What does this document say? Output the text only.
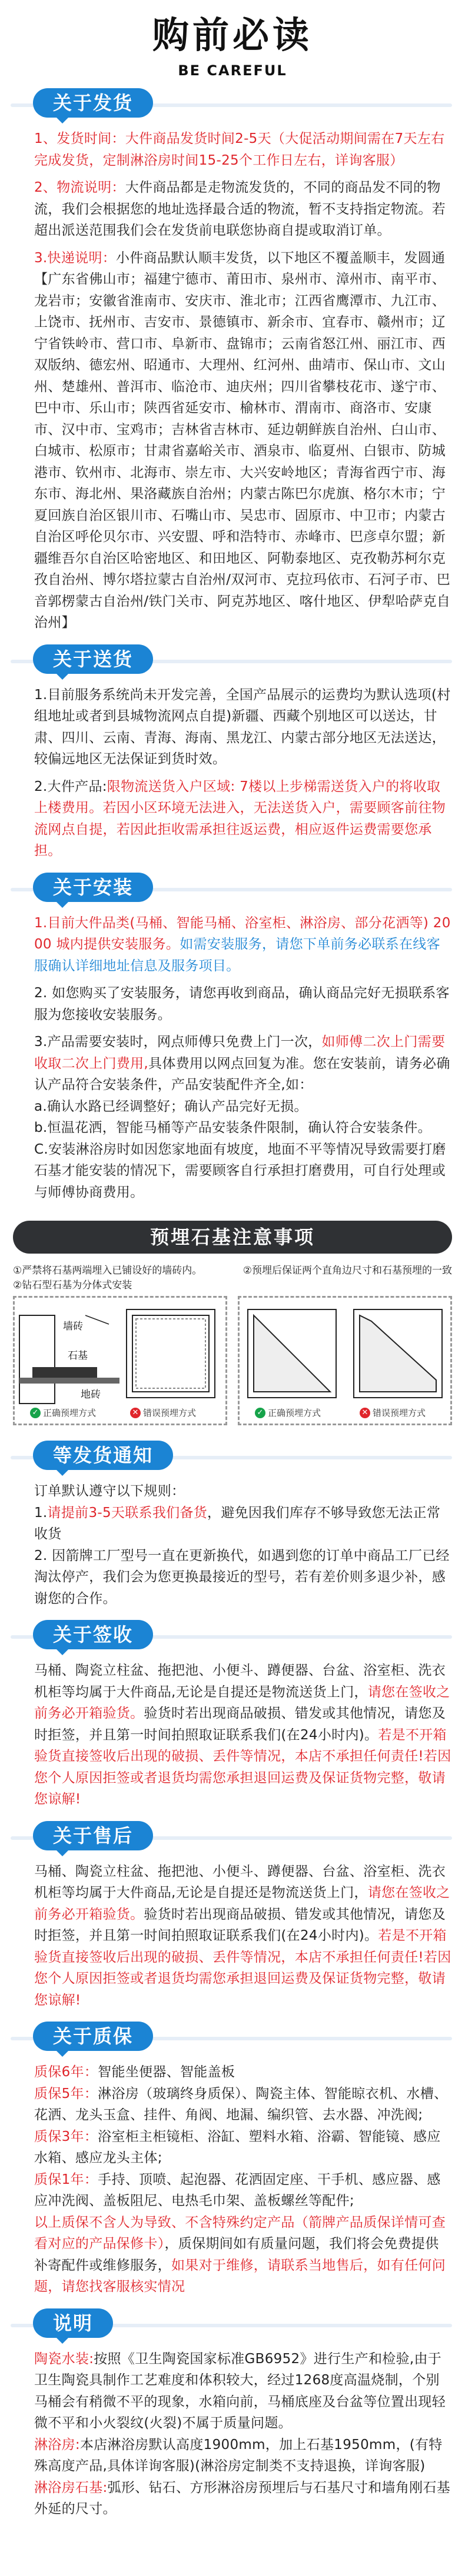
购前必读
BE CAREFUL
关于发货

1、发货时间：大件商品发货时间2-5天（大促活动期间需在7天左右完成发货，定制淋浴房时间15-25个工作日左右，详询客服）

2、物流说明：大件商品都是走物流发货的，不同的商品发不同的物流，我们会根据您的地址选择最合适的物流，暂不支持指定物流。若超出派送范围我们会在发货前电联您协商自提或取消订单。

3.快递说明：小件商品默认顺丰发货，以下地区不覆盖顺丰，发圆通【广东省佛山市；福建宁德市、莆田市、泉州市、漳州市、南平市、龙岩市；安徽省淮南市、安庆市、淮北市；江西省鹰潭市、九江市、上饶市、抚州市、吉安市、景德镇市、新余市、宜春市、赣州市；辽宁省铁岭市、营口市、阜新市、盘锦市；云南省怒江州、丽江市、西双版纳、德宏州、昭通市、大理州、红河州、曲靖市、保山市、文山州、楚雄州、普洱市、临沧市、迪庆州；四川省攀枝花市、遂宁市、巴中市、乐山市；陕西省延安市、榆林市、渭南市、商洛市、安康市、汉中市、宝鸡市；吉林省吉林市、延边朝鲜族自治州、白山市、白城市、松原市；甘肃省嘉峪关市、酒泉市、临夏州、白银市、防城港市、钦州市、北海市、崇左市、大兴安岭地区；青海省西宁市、海东市、海北州、果洛藏族自治州；内蒙古陈巴尔虎旗、格尔木市；宁夏回族自治区银川市、石嘴山市、吴忠市、固原市、中卫市；内蒙古自治区呼伦贝尔市、兴安盟、呼和浩特市、赤峰市、巴彦卓尔盟；新疆维吾尔自治区哈密地区、和田地区、阿勒泰地区、克孜勒苏柯尔克孜自治州、博尔塔拉蒙古自治州/双河市、克拉玛依市、石河子市、巴音郭楞蒙古自治州/铁门关市、阿克苏地区、喀什地区、伊犁哈萨克自治州】

关于送货

1.目前服务系统尚未开发完善，全国产品展示的运费均为默认选项(村组地址或者到县城物流网点自提)新疆、西藏个别地区可以送达，甘肃、四川、云南、青海、海南、黑龙江、内蒙古部分地区无法送达，较偏远地区无法保证到货时效。

2.大件产品:限物流送货入户区域: 7楼以上步梯需送货入户的将收取上楼费用。若因小区环境无法进入，无法送货入户，需要顾客前往物流网点自提，若因此拒收需承担往返运费，相应返件运费需要您承担。

关于安装

1.目前大件品类(马桶、智能马桶、浴室柜、淋浴房、部分花洒等) 2000 城内提供安装服务。如需安装服务，请您下单前务必联系在线客服确认详细地址信息及服务项目。

2. 如您购买了安装服务，请您再收到商品，确认商品完好无损联系客服为您接收安装服务。

3.产品需要安装时，网点师傅只免费上门一次，如师傅二次上门需要收取二次上门费用,具体费用以网点回复为准。您在安装前，请务必确认产品符合安装条件，产品安装配件齐全,如：

a.确认水路已经调整好；确认产品完好无损。

b.恒温花洒，智能马桶等产品安装条件限制，确认符合安装条件。

C.安装淋浴房时如因您家地面有坡度，地面不平等情况导致需要打磨石基才能安装的情况下，需要顾客自行承担打磨费用，可自行处理或与师傅协商费用。

预埋石基注意事项
①严禁将石基两端埋入已铺设好的墙砖内。
②钻石型石基为分体式安装
②预埋后保证两个直角边尺寸和石基预埋的一致
墙砖
石基
地砖
✓ 正确预埋方式	✕ 错误预埋方式	✓ 正确预埋方式	✕ 错误预埋方式
等发货通知

订单默认遵守以下规则：

1.请提前3-5天联系我们备货，避免因我们库存不够导致您无法正常收货

2. 因箭牌工厂型号一直在更新换代，如遇到您的订单中商品工厂已经淘汰停产，我们会为您更换最接近的型号，若有差价则多退少补，感谢您的合作。

关于签收

马桶、陶瓷立柱盆、拖把池、小便斗、蹲便器、台盆、浴室柜、洗衣机柜等均属于大件商品,无论是自提还是物流送货上门，请您在签收之前务必开箱验货。验货时若出现商品破损、错发或其他情况，请您及时拒签，并且第一时间拍照取证联系我们(在24小时内)。若是不开箱验货直接签收后出现的破损、丢件等情况，本店不承担任何责任!若因您个人原因拒签或者退货均需您承担退回运费及保证货物完整，敬请您谅解!

关于售后

马桶、陶瓷立柱盆、拖把池、小便斗、蹲便器、台盆、浴室柜、洗衣机柜等均属于大件商品,无论是自提还是物流送货上门，请您在签收之前务必开箱验货。验货时若出现商品破损、错发或其他情况，请您及时拒签，并且第一时间拍照取证联系我们(在24小时内)。若是不开箱验货直接签收后出现的破损、丢件等情况，本店不承担任何责任!若因您个人原因拒签或者退货均需您承担退回运费及保证货物完整，敬请您谅解!

关于质保

质保6年：智能坐便器、智能盖板

质保5年：淋浴房（玻璃终身质保）、陶瓷主体、智能晾衣机、水槽、花洒、龙头玉盒、挂件、角阀、地漏、编织管、去水器、冲洗阀;

质保3年：浴室柜主柜镜柜、浴缸、塑料水箱、浴霸、智能镜、感应水箱、感应龙头主体;

质保1年：手持、顶喷、起泡器、花洒固定座、干手机、感应器、感应冲洗阀、盖板阻尼、电热毛巾架、盖板螺丝等配件;

以上质保不含人为导致、不含特殊约定产品（箭牌产品质保详情可查看对应的产品保修卡），质保期间如有质量问题，我们将会免费提供补寄配件或维修服务，如果对于维修，请联系当地售后，如有任何问题，请您找客服核实情况

说明

陶瓷水装:按照《卫生陶瓷国家标准GB6952》进行生产和检验,由于卫生陶瓷具制作工艺难度和体积较大，经过1268度高温烧制，个别马桶会有稍微不平的现象，水箱向前，马桶底座及台盆等位置出现轻微不平和小火裂纹(火裂)不属于质量问题。

淋浴房:本店淋浴房默认高度1900mm，加上石基1950mm，(有特殊高度产品,具体详询客服)(淋浴房定制类不支持退换，详询客服)

淋浴房石基:弧形、钻石、方形淋浴房预埋后与石基尺寸和墙角刚石基外延的尺寸。
